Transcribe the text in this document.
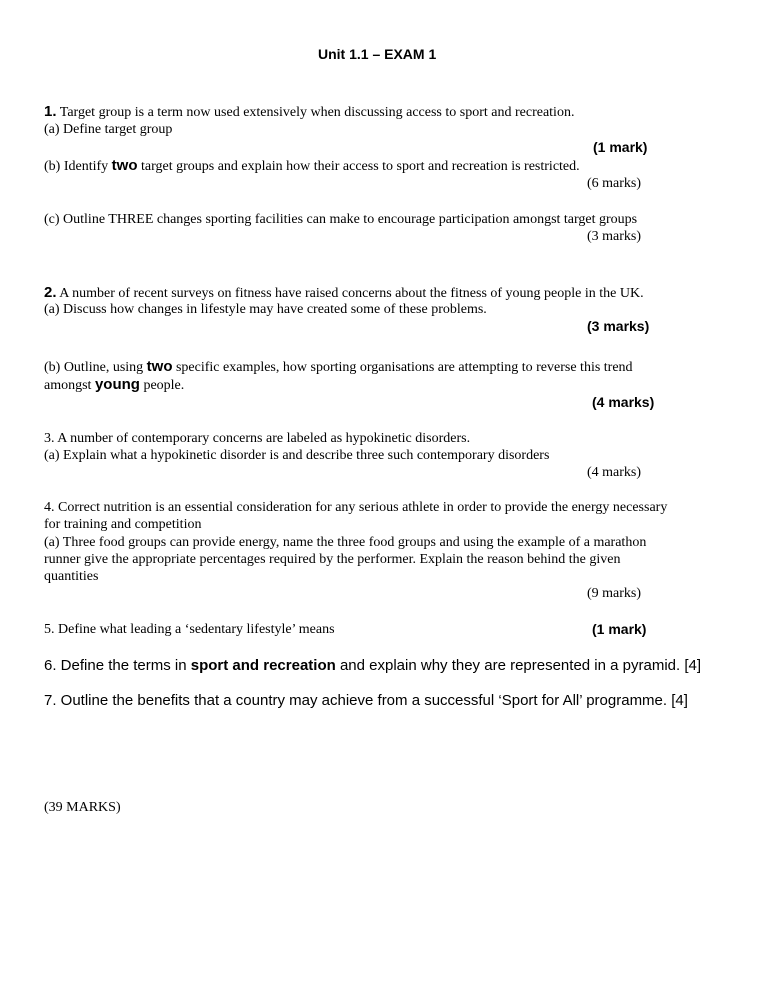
Unit 1.1 – EXAM 1

1. Target group is a term now used extensively when discussing access to sport and recreation.

(a) Define target group

(1 mark)

(b) Identify two target groups and explain how their access to sport and recreation is restricted.

(6 marks)

(c) Outline THREE changes sporting facilities can make to encourage participation amongst target groups

(3 marks)

2. A number of recent surveys on fitness have raised concerns about the fitness of young people in the UK.

(a) Discuss how changes in lifestyle may have created some of these problems.

(3 marks)

(b) Outline, using two specific examples, how sporting organisations are attempting to reverse this trend

amongst young people.

(4 marks)

3. A number of contemporary concerns are labeled as hypokinetic disorders.

(a) Explain what a hypokinetic disorder is and describe three such contemporary disorders

(4 marks)

4. Correct nutrition is an essential consideration for any serious athlete in order to provide the energy necessary

for training and competition

(a) Three food groups can provide energy, name the three food groups and using the example of a marathon

runner give the appropriate percentages required by the performer. Explain the reason behind the given

quantities

(9 marks)

5. Define what leading a ‘sedentary lifestyle’ means	(1 mark)

6. Define the terms in sport and recreation and explain why they are represented in a pyramid. [4]

7. Outline the benefits that a country may achieve from a successful ‘Sport for All’ programme. [4]

(39 MARKS)
